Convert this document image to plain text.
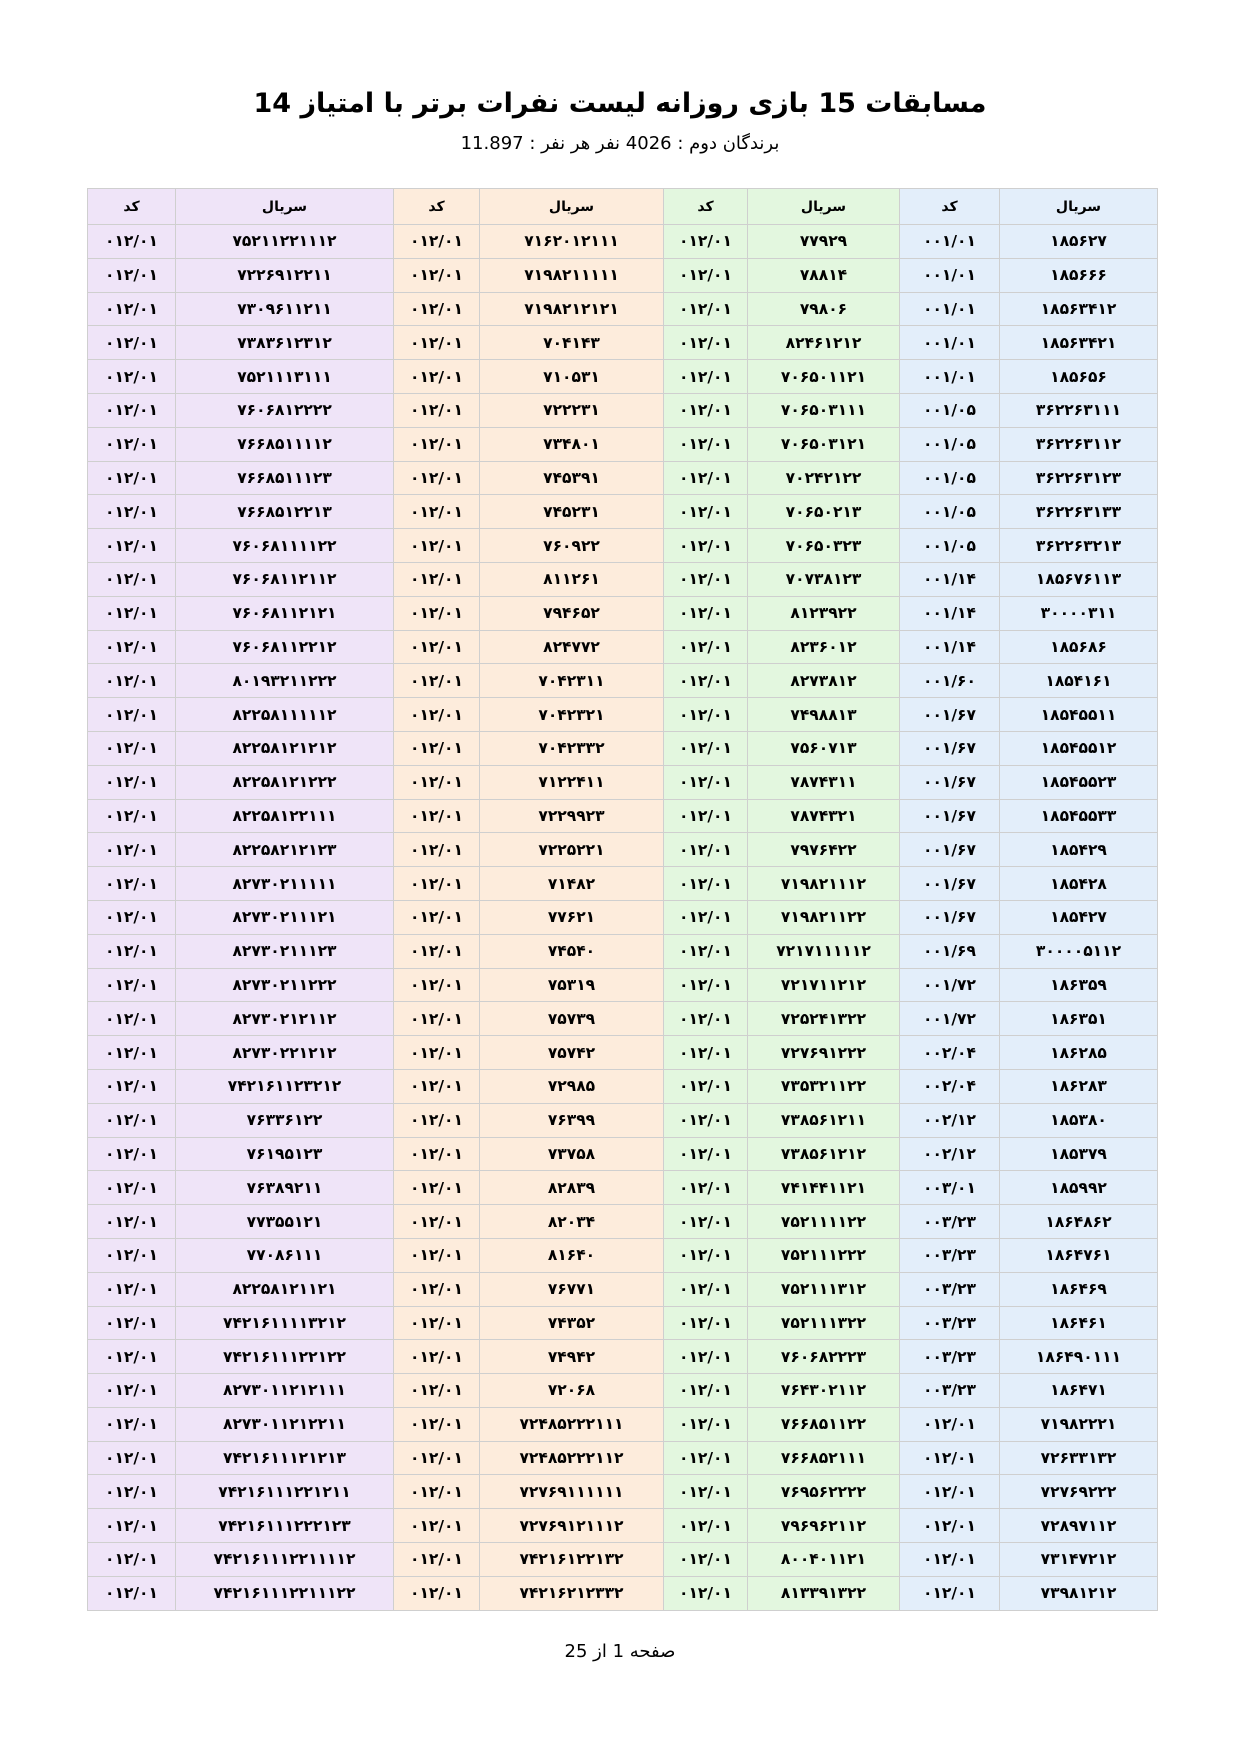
مسابقات 15 بازی روزانه لیست نفرات برتر با امتیاز 14
برندگان دوم : 4026 نفر هر نفر : 11.897
سریال	کد	سریال	کد	سریال	کد	سریال	کد
۱۸۵۶۲۷	۰۰۱/۰۱	۷۷۹۲۹	۰۱۲/۰۱	۷۱۶۲۰۱۲۱۱۱	۰۱۲/۰۱	۷۵۲۱۱۲۲۱۱۱۲	۰۱۲/۰۱
۱۸۵۶۶۶	۰۰۱/۰۱	۷۸۸۱۴	۰۱۲/۰۱	۷۱۹۸۲۱۱۱۱۱	۰۱۲/۰۱	۷۲۲۶۹۱۲۲۱۱	۰۱۲/۰۱
۱۸۵۶۳۴۱۲	۰۰۱/۰۱	۷۹۸۰۶	۰۱۲/۰۱	۷۱۹۸۲۱۲۱۲۱	۰۱۲/۰۱	۷۳۰۹۶۱۱۲۱۱	۰۱۲/۰۱
۱۸۵۶۳۴۲۱	۰۰۱/۰۱	۸۲۴۶۱۲۱۲	۰۱۲/۰۱	۷۰۴۱۴۳	۰۱۲/۰۱	۷۳۸۳۶۱۲۳۱۲	۰۱۲/۰۱
۱۸۵۶۵۶	۰۰۱/۰۱	۷۰۶۵۰۱۱۲۱	۰۱۲/۰۱	۷۱۰۵۳۱	۰۱۲/۰۱	۷۵۲۱۱۱۳۱۱۱	۰۱۲/۰۱
۳۶۲۲۶۳۱۱۱	۰۰۱/۰۵	۷۰۶۵۰۳۱۱۱	۰۱۲/۰۱	۷۲۲۲۳۱	۰۱۲/۰۱	۷۶۰۶۸۱۲۲۲۲	۰۱۲/۰۱
۳۶۲۲۶۳۱۱۲	۰۰۱/۰۵	۷۰۶۵۰۳۱۲۱	۰۱۲/۰۱	۷۳۴۸۰۱	۰۱۲/۰۱	۷۶۶۸۵۱۱۱۱۲	۰۱۲/۰۱
۳۶۲۲۶۳۱۲۳	۰۰۱/۰۵	۷۰۲۴۲۱۲۲	۰۱۲/۰۱	۷۴۵۳۹۱	۰۱۲/۰۱	۷۶۶۸۵۱۱۱۲۳	۰۱۲/۰۱
۳۶۲۲۶۳۱۳۳	۰۰۱/۰۵	۷۰۶۵۰۲۱۳	۰۱۲/۰۱	۷۴۵۲۳۱	۰۱۲/۰۱	۷۶۶۸۵۱۲۲۱۳	۰۱۲/۰۱
۳۶۲۲۶۳۲۱۳	۰۰۱/۰۵	۷۰۶۵۰۳۲۳	۰۱۲/۰۱	۷۶۰۹۲۲	۰۱۲/۰۱	۷۶۰۶۸۱۱۱۱۲۲	۰۱۲/۰۱
۱۸۵۶۷۶۱۱۳	۰۰۱/۱۴	۷۰۷۳۸۱۲۳	۰۱۲/۰۱	۸۱۱۲۶۱	۰۱۲/۰۱	۷۶۰۶۸۱۱۲۱۱۲	۰۱۲/۰۱
۳۰۰۰۰۳۱۱	۰۰۱/۱۴	۸۱۲۳۹۲۲	۰۱۲/۰۱	۷۹۴۶۵۲	۰۱۲/۰۱	۷۶۰۶۸۱۱۲۱۲۱	۰۱۲/۰۱
۱۸۵۶۸۶	۰۰۱/۱۴	۸۲۳۶۰۱۲	۰۱۲/۰۱	۸۲۴۷۷۲	۰۱۲/۰۱	۷۶۰۶۸۱۱۲۲۱۲	۰۱۲/۰۱
۱۸۵۴۱۶۱	۰۰۱/۶۰	۸۲۷۳۸۱۲	۰۱۲/۰۱	۷۰۴۲۳۱۱	۰۱۲/۰۱	۸۰۱۹۳۲۱۱۲۲۲	۰۱۲/۰۱
۱۸۵۴۵۵۱۱	۰۰۱/۶۷	۷۴۹۸۸۱۳	۰۱۲/۰۱	۷۰۴۲۳۲۱	۰۱۲/۰۱	۸۲۲۵۸۱۱۱۱۱۲	۰۱۲/۰۱
۱۸۵۴۵۵۱۲	۰۰۱/۶۷	۷۵۶۰۷۱۳	۰۱۲/۰۱	۷۰۴۲۳۳۲	۰۱۲/۰۱	۸۲۲۵۸۱۲۱۲۱۲	۰۱۲/۰۱
۱۸۵۴۵۵۲۳	۰۰۱/۶۷	۷۸۷۴۳۱۱	۰۱۲/۰۱	۷۱۲۲۴۱۱	۰۱۲/۰۱	۸۲۲۵۸۱۲۱۲۲۲	۰۱۲/۰۱
۱۸۵۴۵۵۳۳	۰۰۱/۶۷	۷۸۷۴۳۲۱	۰۱۲/۰۱	۷۲۲۹۹۲۳	۰۱۲/۰۱	۸۲۲۵۸۱۲۲۱۱۱	۰۱۲/۰۱
۱۸۵۴۲۹	۰۰۱/۶۷	۷۹۷۶۴۲۲	۰۱۲/۰۱	۷۲۲۵۲۲۱	۰۱۲/۰۱	۸۲۲۵۸۲۱۲۱۲۳	۰۱۲/۰۱
۱۸۵۴۲۸	۰۰۱/۶۷	۷۱۹۸۲۱۱۱۲	۰۱۲/۰۱	۷۱۴۸۲	۰۱۲/۰۱	۸۲۷۳۰۲۱۱۱۱۱	۰۱۲/۰۱
۱۸۵۴۲۷	۰۰۱/۶۷	۷۱۹۸۲۱۱۲۲	۰۱۲/۰۱	۷۷۶۲۱	۰۱۲/۰۱	۸۲۷۳۰۲۱۱۱۲۱	۰۱۲/۰۱
۳۰۰۰۰۵۱۱۲	۰۰۱/۶۹	۷۲۱۷۱۱۱۱۱۲	۰۱۲/۰۱	۷۴۵۴۰	۰۱۲/۰۱	۸۲۷۳۰۲۱۱۱۲۳	۰۱۲/۰۱
۱۸۶۳۵۹	۰۰۱/۷۲	۷۲۱۷۱۱۲۱۲	۰۱۲/۰۱	۷۵۳۱۹	۰۱۲/۰۱	۸۲۷۳۰۲۱۱۲۲۲	۰۱۲/۰۱
۱۸۶۳۵۱	۰۰۱/۷۲	۷۲۵۲۴۱۳۲۲	۰۱۲/۰۱	۷۵۷۳۹	۰۱۲/۰۱	۸۲۷۳۰۲۱۲۱۱۲	۰۱۲/۰۱
۱۸۶۲۸۵	۰۰۲/۰۴	۷۲۷۶۹۱۲۲۲	۰۱۲/۰۱	۷۵۷۴۲	۰۱۲/۰۱	۸۲۷۳۰۲۲۱۲۱۲	۰۱۲/۰۱
۱۸۶۲۸۳	۰۰۲/۰۴	۷۳۵۳۲۱۱۲۲	۰۱۲/۰۱	۷۲۹۸۵	۰۱۲/۰۱	۷۴۲۱۶۱۱۲۳۲۱۲	۰۱۲/۰۱
۱۸۵۳۸۰	۰۰۲/۱۲	۷۳۸۵۶۱۲۱۱	۰۱۲/۰۱	۷۶۳۹۹	۰۱۲/۰۱	۷۶۳۳۶۱۲۲	۰۱۲/۰۱
۱۸۵۳۷۹	۰۰۲/۱۲	۷۳۸۵۶۱۲۱۲	۰۱۲/۰۱	۷۳۷۵۸	۰۱۲/۰۱	۷۶۱۹۵۱۲۳	۰۱۲/۰۱
۱۸۵۹۹۲	۰۰۳/۰۱	۷۴۱۴۴۱۱۲۱	۰۱۲/۰۱	۸۲۸۳۹	۰۱۲/۰۱	۷۶۳۸۹۲۱۱	۰۱۲/۰۱
۱۸۶۴۸۶۲	۰۰۳/۲۳	۷۵۲۱۱۱۱۲۲	۰۱۲/۰۱	۸۲۰۳۴	۰۱۲/۰۱	۷۷۳۵۵۱۲۱	۰۱۲/۰۱
۱۸۶۴۷۶۱	۰۰۳/۲۳	۷۵۲۱۱۱۲۲۲	۰۱۲/۰۱	۸۱۶۴۰	۰۱۲/۰۱	۷۷۰۸۶۱۱۱	۰۱۲/۰۱
۱۸۶۴۶۹	۰۰۳/۲۳	۷۵۲۱۱۱۳۱۲	۰۱۲/۰۱	۷۶۷۷۱	۰۱۲/۰۱	۸۲۲۵۸۱۲۱۱۲۱	۰۱۲/۰۱
۱۸۶۴۶۱	۰۰۳/۲۳	۷۵۲۱۱۱۳۲۲	۰۱۲/۰۱	۷۴۳۵۲	۰۱۲/۰۱	۷۴۲۱۶۱۱۱۱۳۲۱۲	۰۱۲/۰۱
۱۸۶۴۹۰۱۱۱	۰۰۳/۲۳	۷۶۰۶۸۲۲۲۳	۰۱۲/۰۱	۷۴۹۴۲	۰۱۲/۰۱	۷۴۲۱۶۱۱۱۲۲۱۲۲	۰۱۲/۰۱
۱۸۶۴۷۱	۰۰۳/۲۳	۷۶۴۳۰۲۱۱۲	۰۱۲/۰۱	۷۲۰۶۸	۰۱۲/۰۱	۸۲۷۳۰۱۱۲۱۲۱۱۱	۰۱۲/۰۱
۷۱۹۸۲۲۲۱	۰۱۲/۰۱	۷۶۶۸۵۱۱۲۲	۰۱۲/۰۱	۷۲۴۸۵۲۲۲۱۱۱	۰۱۲/۰۱	۸۲۷۳۰۱۱۲۱۲۲۱۱	۰۱۲/۰۱
۷۲۶۳۳۱۳۲	۰۱۲/۰۱	۷۶۶۸۵۲۱۱۱	۰۱۲/۰۱	۷۲۴۸۵۲۲۲۱۱۲	۰۱۲/۰۱	۷۴۲۱۶۱۱۱۲۱۲۱۳	۰۱۲/۰۱
۷۲۷۶۹۲۲۲	۰۱۲/۰۱	۷۶۹۵۶۲۲۲۲	۰۱۲/۰۱	۷۲۷۶۹۱۱۱۱۱۱	۰۱۲/۰۱	۷۴۲۱۶۱۱۱۲۲۱۲۱۱	۰۱۲/۰۱
۷۲۸۹۷۱۱۲	۰۱۲/۰۱	۷۹۶۹۶۲۱۱۲	۰۱۲/۰۱	۷۲۷۶۹۱۲۱۱۱۲	۰۱۲/۰۱	۷۴۲۱۶۱۱۱۲۲۲۱۲۳	۰۱۲/۰۱
۷۳۱۴۷۲۱۲	۰۱۲/۰۱	۸۰۰۴۰۱۱۲۱	۰۱۲/۰۱	۷۴۲۱۶۱۲۲۱۳۲	۰۱۲/۰۱	۷۴۲۱۶۱۱۱۲۲۱۱۱۱۲	۰۱۲/۰۱
۷۳۹۸۱۲۱۲	۰۱۲/۰۱	۸۱۳۳۹۱۳۲۲	۰۱۲/۰۱	۷۴۲۱۶۲۱۲۳۳۲	۰۱۲/۰۱	۷۴۲۱۶۱۱۱۲۲۱۱۱۲۲	۰۱۲/۰۱
صفحه 1 از 25
